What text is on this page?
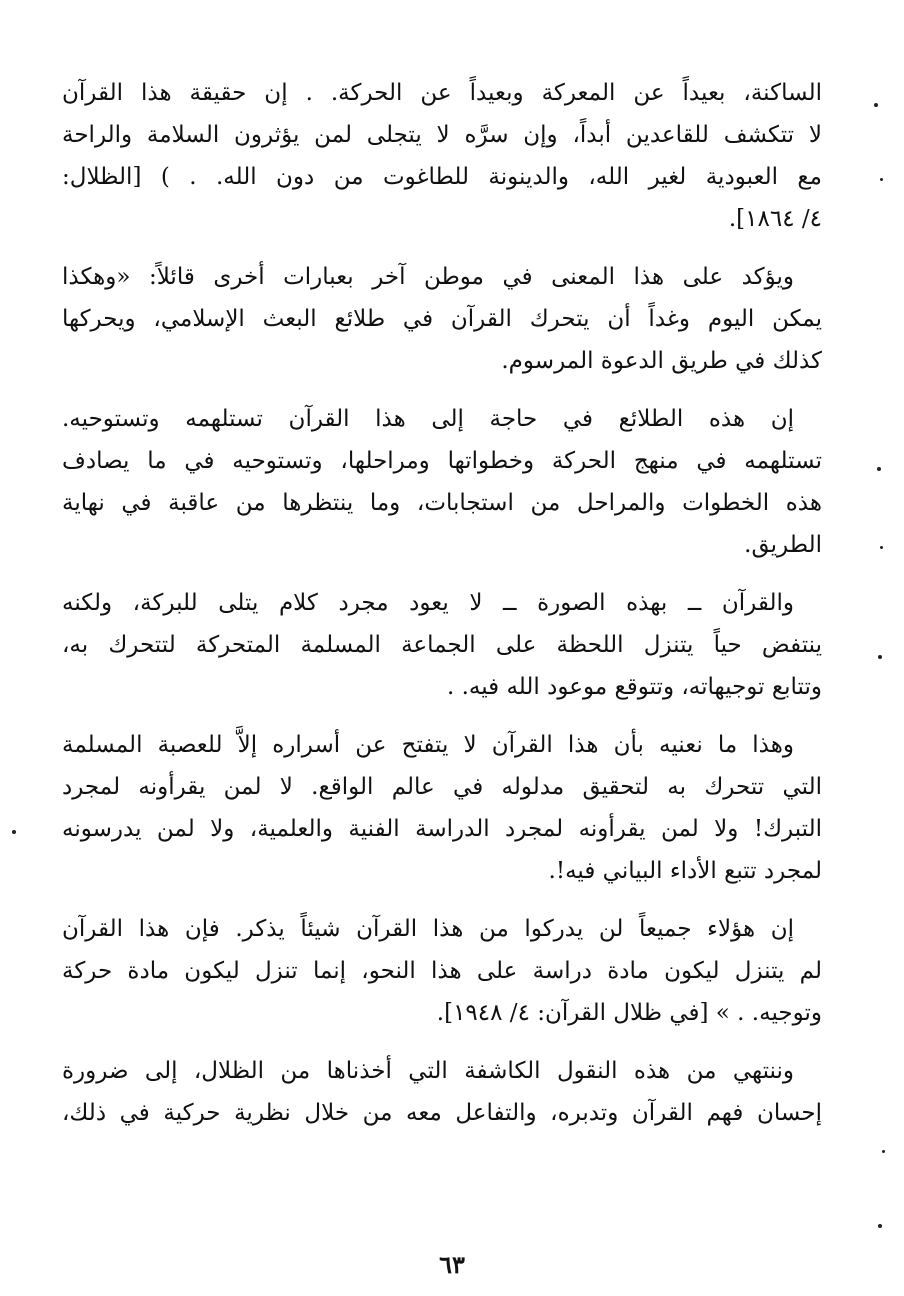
الساكنة، بعيداً عن المعركة وبعيداً عن الحركة. . إن حقيقة هذا القرآن
لا تتكشف للقاعدين أبداً، وإن سرَّه لا يتجلى لمن يؤثرون السلامة والراحة
مع العبودية لغير الله، والدينونة للطاغوت من دون الله. . ) [الظلال:
٤/ ١٨٦٤].

ويؤكد على هذا المعنى في موطن آخر بعبارات أخرى قائلاً: «وهكذا
يمكن اليوم وغداً أن يتحرك القرآن في طلائع البعث الإسلامي، ويحركها
كذلك في طريق الدعوة المرسوم.

إن هذه الطلائع في حاجة إلى هذا القرآن تستلهمه وتستوحيه.
تستلهمه في منهج الحركة وخطواتها ومراحلها، وتستوحيه في ما يصادف
هذه الخطوات والمراحل من استجابات، وما ينتظرها من عاقبة في نهاية
الطريق.

والقرآن ــ بهذه الصورة ــ لا يعود مجرد كلام يتلى للبركة، ولكنه
ينتفض حياً يتنزل اللحظة على الجماعة المسلمة المتحركة لتتحرك به،
وتتابع توجيهاته، وتتوقع موعود الله فيه. .

وهذا ما نعنيه بأن هذا القرآن لا يتفتح عن أسراره إلاَّ للعصبة المسلمة
التي تتحرك به لتحقيق مدلوله في عالم الواقع. لا لمن يقرأونه لمجرد
التبرك! ولا لمن يقرأونه لمجرد الدراسة الفنية والعلمية، ولا لمن يدرسونه
لمجرد تتبع الأداء البياني فيه!.

إن هؤلاء جميعاً لن يدركوا من هذا القرآن شيئاً يذكر. فإن هذا القرآن
لم يتنزل ليكون مادة دراسة على هذا النحو، إنما تنزل ليكون مادة حركة
وتوجيه. . » [في ظلال القرآن: ٤/ ١٩٤٨].

وننتهي من هذه النقول الكاشفة التي أخذناها من الظلال، إلى ضرورة
إحسان فهم القرآن وتدبره، والتفاعل معه من خلال نظرية حركية في ذلك،

٦٣
